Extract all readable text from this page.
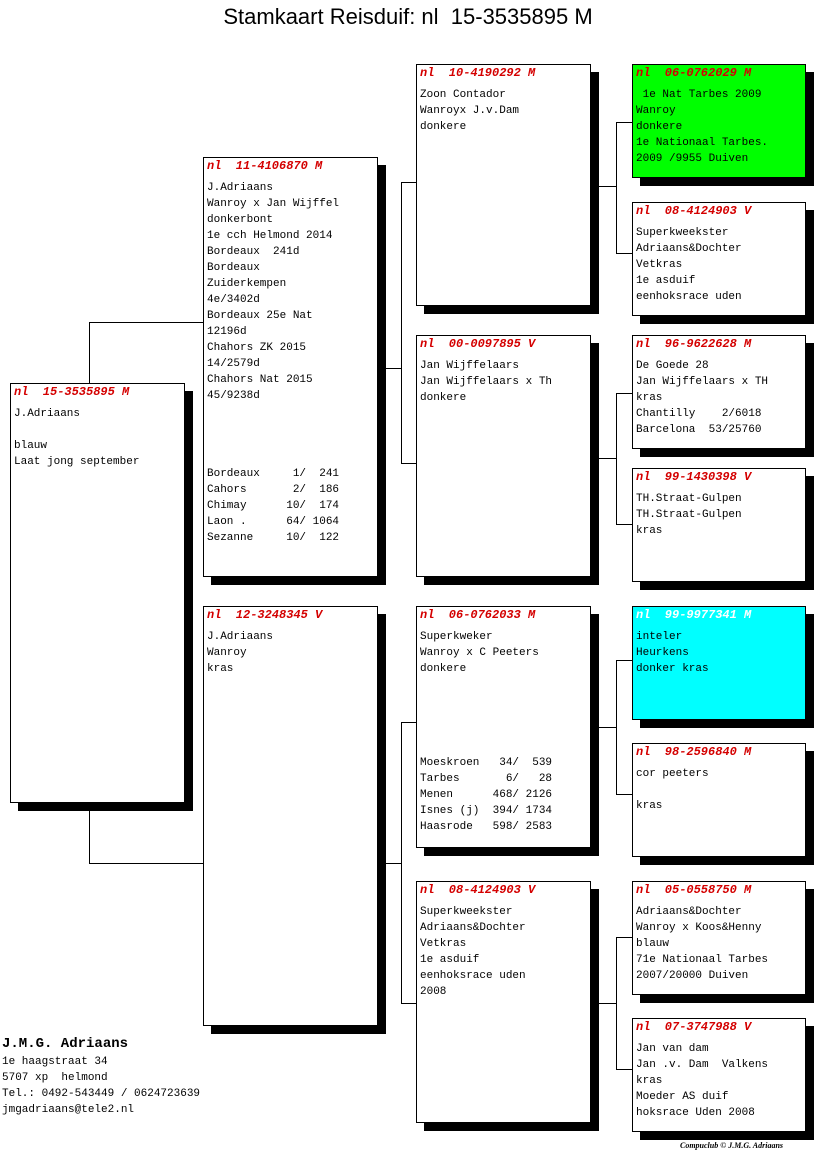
Stamkaart Reisduif: nl  15-3535895 M
nl  15-3535895 M
J.Adriaans
blauw
Laat jong september
nl  11-4106870 M
J.Adriaans
Wanroy x Jan Wijffel
donkerbont
1e cch Helmond 2014
Bordeaux  241d
Bordeaux
Zuiderkempen
4e/3402d
Bordeaux 25e Nat
12196d
Chahors ZK 2015
14/2579d
Chahors Nat 2015
45/9238d
Bordeaux     1/  241
Cahors       2/  186
Chimay      10/  174
Laon .      64/ 1064
Sezanne     10/  122
nl  12-3248345 V
J.Adriaans
Wanroy
kras
nl  10-4190292 M
Zoon Contador
Wanroyx J.v.Dam
donkere
nl  00-0097895 V
Jan Wijffelaars
Jan Wijffelaars x Th
donkere
nl  06-0762033 M
Superkweker
Wanroy x C Peeters
donkere
Moeskroen   34/  539
Tarbes       6/   28
Menen      468/ 2126
Isnes (j)  394/ 1734
Haasrode   598/ 2583
nl  08-4124903 V
Superkweekster
Adriaans&Dochter
Vetkras
1e asduif
eenhoksrace uden
2008
nl  06-0762029 M
1e Nat Tarbes 2009
Wanroy
donkere
1e Nationaal Tarbes.
2009 /9955 Duiven
nl  08-4124903 V
Superkweekster
Adriaans&Dochter
Vetkras
1e asduif
eenhoksrace uden
nl  96-9622628 M
De Goede 28
Jan Wijffelaars x TH
kras
Chantilly    2/6018
Barcelona  53/25760
nl  99-1430398 V
TH.Straat-Gulpen
TH.Straat-Gulpen
kras
nl  99-9977341 M
inteler
Heurkens
donker kras
nl  98-2596840 M
cor peeters
kras
nl  05-0558750 M
Adriaans&Dochter
Wanroy x Koos&Henny
blauw
71e Nationaal Tarbes
2007/20000 Duiven
nl  07-3747988 V
Jan van dam
Jan .v. Dam  Valkens
kras
Moeder AS duif
hoksrace Uden 2008
J.M.G. Adriaans
1e haagstraat 34
5707 xp  helmond
Tel.: 0492-543449 / 0624723639
jmgadriaans@tele2.nl
Compuclub © J.M.G. Adriaans
